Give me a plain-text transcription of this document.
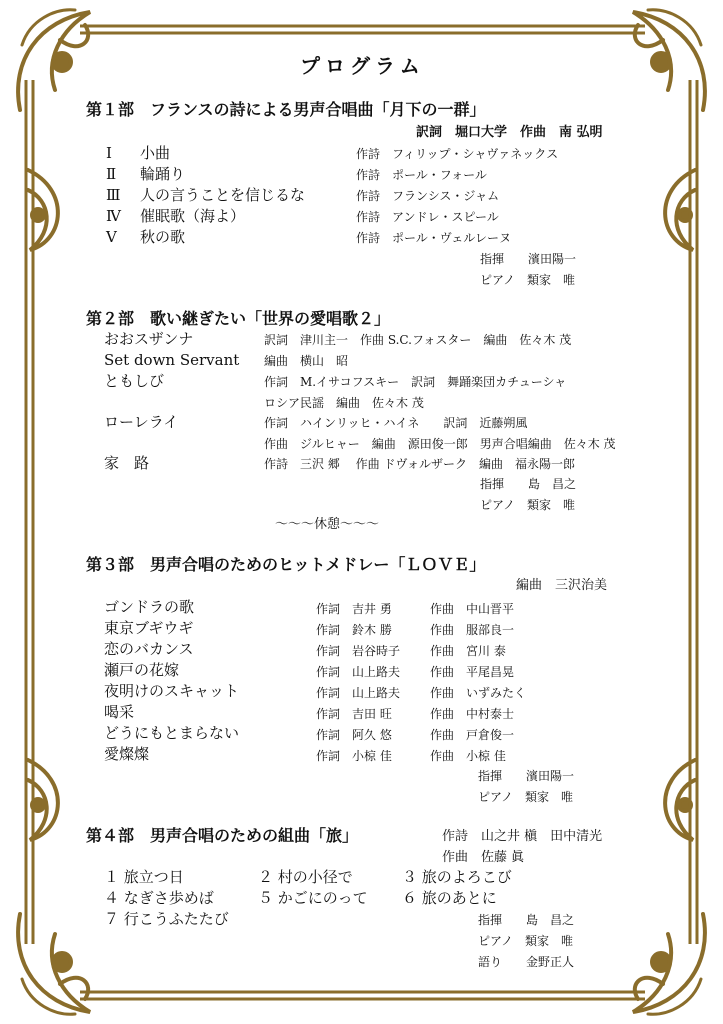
プログラム
第１部　フランスの詩による男声合唱曲「月下の一群」
訳詞　堀口大学　作曲　南 弘明
Ⅰ 小曲	作詩　フィリップ・シャヴァネックス
Ⅱ 輪踊り	作詩　ポール・フォール
Ⅲ 人の言うことを信じるな	作詩　フランシス・ジャム
Ⅳ 催眠歌（海よ）	作詩　アンドレ・スピール
Ⅴ 秋の歌	作詩　ポール・ヴェルレーヌ
指揮　　濱田陽一
ピアノ　類家　唯
第２部　歌い継ぎたい「世界の愛唱歌２」
おおスザンナ	訳詞　津川主一　作曲 S.C.フォスター　編曲　佐々木 茂
Set down Servant 編曲　横山　昭
ともしび	作詞　M.イサコフスキー　訳詞　舞踊楽団カチューシャ
ロシア民謡　編曲　佐々木 茂
ローレライ	作詞　ハインリッヒ・ハイネ　　訳詞　近藤朔風
作曲　ジルヒャー　編曲　源田俊一郎　男声合唱編曲　佐々木 茂
家　路	作詩　三沢 郷　 作曲 ドヴォルザーク　編曲　福永陽一郎
指揮　　島　昌之
ピアノ　類家　唯
～～～休憩～～～
第３部　男声合唱のためのヒットメドレー「ＬＯＶＥ」
編曲　三沢治美
ゴンドラの歌	作詞　吉井 勇	作曲　中山晋平
東京ブギウギ	作詞　鈴木 勝	作曲　服部良一
恋のバカンス	作詞　岩谷時子 作曲　宮川 泰
瀬戸の花嫁	作詞　山上路夫 作曲　平尾昌晃
夜明けのスキャット	作詞　山上路夫 作曲　いずみたく
喝采	作詞　吉田 旺	作曲　中村泰士
どうにもとまらない	作詞　阿久 悠	作曲　戸倉俊一
愛燦燦	作詞　小椋 佳	作曲　小椋 佳
指揮　　濱田陽一
ピアノ　類家　唯
第４部　男声合唱のための組曲「旅」	作詩　山之井 槇　田中清光
作曲　佐藤 眞
１ 旅立つ日	２ 村の小径で	３ 旅のよろこび
４ なぎさ歩めば	５ かごにのって ６ 旅のあとに
７ 行こうふたたび	指揮　　島　昌之
ピアノ　類家　唯
語り　　金野正人
